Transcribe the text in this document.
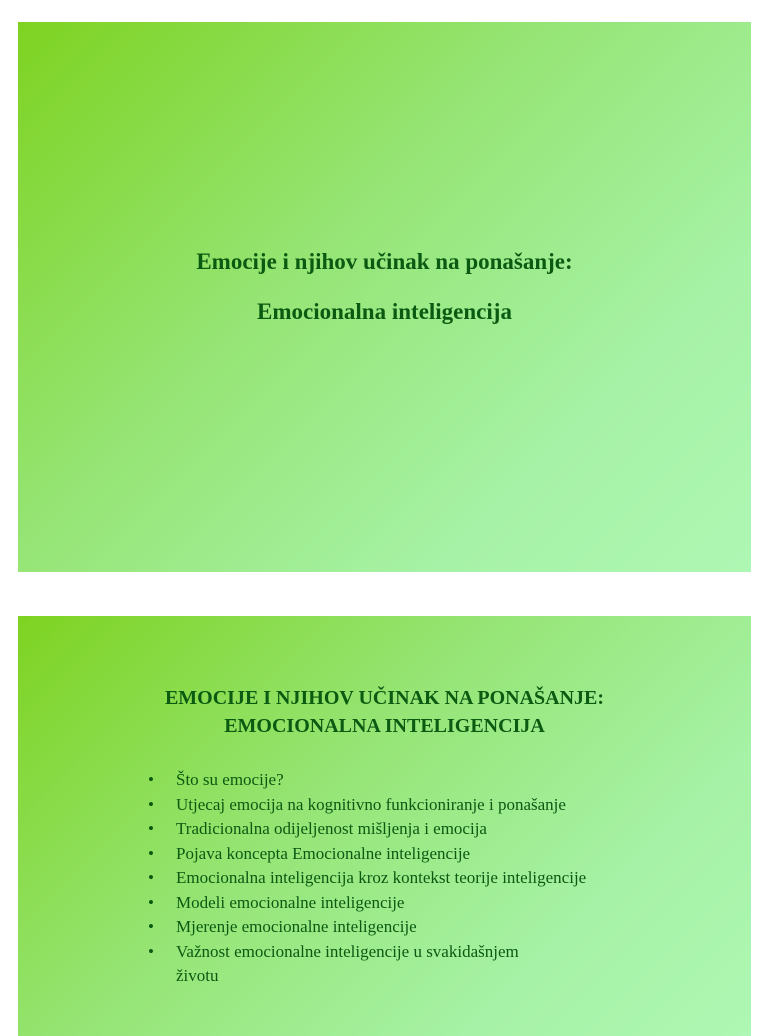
Emocije i njihov učinak na ponašanje:
Emocionalna inteligencija
EMOCIJE I NJIHOV UČINAK NA PONAŠANJE:
EMOCIONALNA INTELIGENCIJA
• Što su emocije?
• Utjecaj emocija na kognitivno funkcioniranje i ponašanje
• Tradicionalna odijeljenost mišljenja i emocija
• Pojava koncepta Emocionalne inteligencije
• Emocionalna inteligencija kroz kontekst teorije inteligencije
• Modeli emocionalne inteligencije
• Mjerenje emocionalne inteligencije
• Važnost emocionalne inteligencije u svakidašnjem
životu
